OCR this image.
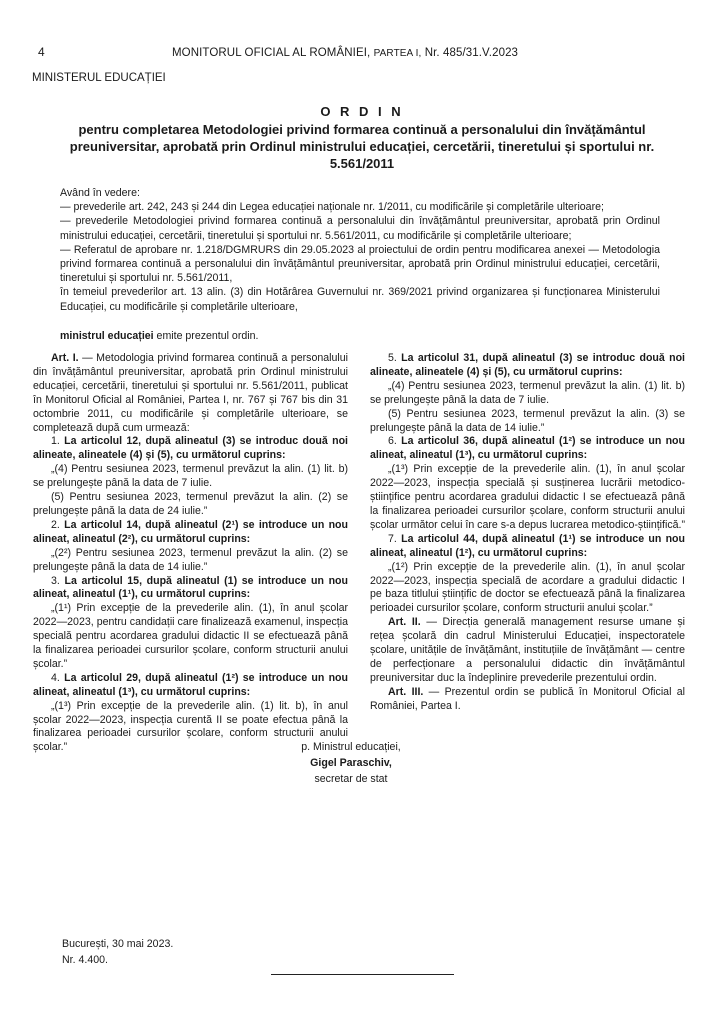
4	MONITORUL OFICIAL AL ROMÂNIEI, PARTEA I, Nr. 485/31.V.2023
MINISTERUL EDUCAȚIEI
O R D I N
pentru completarea Metodologiei privind formarea continuă a personalului din învățământul preuniversitar, aprobată prin Ordinul ministrului educației, cercetării, tineretului și sportului nr. 5.561/2011

Având în vedere:

— prevederile art. 242, 243 și 244 din Legea educației naționale nr. 1/2011, cu modificările și completările ulterioare;

— prevederile Metodologiei privind formarea continuă a personalului din învățământul preuniversitar, aprobată prin Ordinul ministrului educației, cercetării, tineretului și sportului nr. 5.561/2011, cu modificările și completările ulterioare;

— Referatul de aprobare nr. 1.218/DGMRURS din 29.05.2023 al proiectului de ordin pentru modificarea anexei — Metodologia privind formarea continuă a personalului din învățământul preuniversitar, aprobată prin Ordinul ministrului educației, cercetării, tineretului și sportului nr. 5.561/2011,

în temeiul prevederilor art. 13 alin. (3) din Hotărârea Guvernului nr. 369/2021 privind organizarea și funcționarea Ministerului Educației, cu modificările și completările ulterioare,

ministrul educației emite prezentul ordin.

Art. I. — Metodologia privind formarea continuă a personalului din învățământul preuniversitar, aprobată prin Ordinul ministrului educației, cercetării, tineretului și sportului nr. 5.561/2011, publicat în Monitorul Oficial al României, Partea I, nr. 767 și 767 bis din 31 octombrie 2011, cu modificările și completările ulterioare, se completează după cum urmează:

1. La articolul 12, după alineatul (3) se introduc două noi alineate, alineatele (4) și (5), cu următorul cuprins:

„(4) Pentru sesiunea 2023, termenul prevăzut la alin. (1) lit. b) se prelungește până la data de 7 iulie.

(5) Pentru sesiunea 2023, termenul prevăzut la alin. (2) se prelungește până la data de 24 iulie.”

2. La articolul 14, după alineatul (2¹) se introduce un nou alineat, alineatul (2²), cu următorul cuprins:

„(2²) Pentru sesiunea 2023, termenul prevăzut la alin. (2) se prelungește până la data de 14 iulie.”

3. La articolul 15, după alineatul (1) se introduce un nou alineat, alineatul (1¹), cu următorul cuprins:

„(1¹) Prin excepție de la prevederile alin. (1), în anul școlar 2022—2023, pentru candidații care finalizează examenul, inspecția specială pentru acordarea gradului didactic II se efectuează până la finalizarea perioadei cursurilor școlare, conform structurii anului școlar.”

4. La articolul 29, după alineatul (1²) se introduce un nou alineat, alineatul (1³), cu următorul cuprins:

„(1³) Prin excepție de la prevederile alin. (1) lit. b), în anul școlar 2022—2023, inspecția curentă II se poate efectua până la finalizarea perioadei cursurilor școlare, conform structurii anului școlar.”

5. La articolul 31, după alineatul (3) se introduc două noi alineate, alineatele (4) și (5), cu următorul cuprins:

„(4) Pentru sesiunea 2023, termenul prevăzut la alin. (1) lit. b) se prelungește până la data de 7 iulie.

(5) Pentru sesiunea 2023, termenul prevăzut la alin. (3) se prelungește până la data de 14 iulie.”

6. La articolul 36, după alineatul (1²) se introduce un nou alineat, alineatul (1³), cu următorul cuprins:

„(1³) Prin excepție de la prevederile alin. (1), în anul școlar 2022—2023, inspecția specială și susținerea lucrării metodico-științifice pentru acordarea gradului didactic I se efectuează până la finalizarea perioadei cursurilor școlare, conform structurii anului școlar următor celui în care s-a depus lucrarea metodico-științifică.”

7. La articolul 44, după alineatul (1¹) se introduce un nou alineat, alineatul (1²), cu următorul cuprins:

„(1²) Prin excepție de la prevederile alin. (1), în anul școlar 2022—2023, inspecția specială de acordare a gradului didactic I pe baza titlului științific de doctor se efectuează până la finalizarea perioadei cursurilor școlare, conform structurii anului școlar.”

Art. II. — Direcția generală management resurse umane și rețea școlară din cadrul Ministerului Educației, inspectoratele școlare, unitățile de învățământ, instituțiile de învățământ — centre de perfecționare a personalului didactic din învățământul preuniversitar duc la îndeplinire prevederile prezentului ordin.

Art. III. — Prezentul ordin se publică în Monitorul Oficial al României, Partea I.

p. Ministrul educației,
Gigel Paraschiv,
secretar de stat
București, 30 mai 2023.
Nr. 4.400.
